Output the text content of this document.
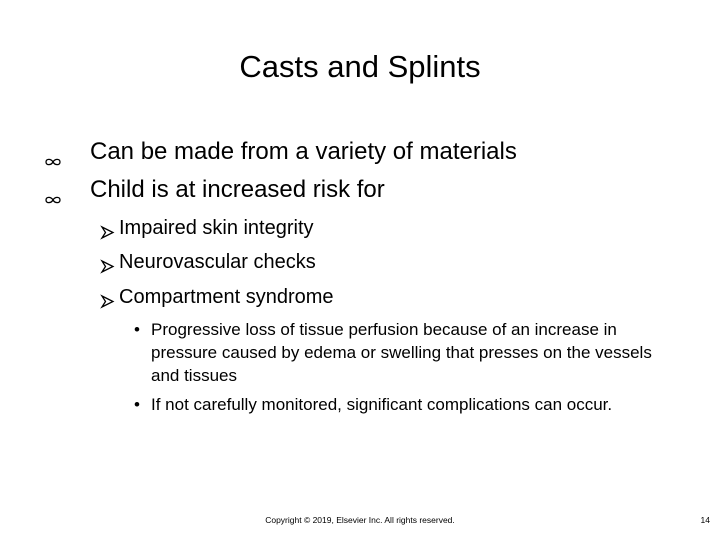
Casts and Splints
Can be made from a variety of materials
Child is at increased risk for
Impaired skin integrity
Neurovascular checks
Compartment syndrome
• Progressive loss of tissue perfusion because of an increase in pressure caused by edema or swelling that presses on the vessels and tissues
• If not carefully monitored, significant complications can occur.
Copyright © 2019, Elsevier Inc. All rights reserved.	14
